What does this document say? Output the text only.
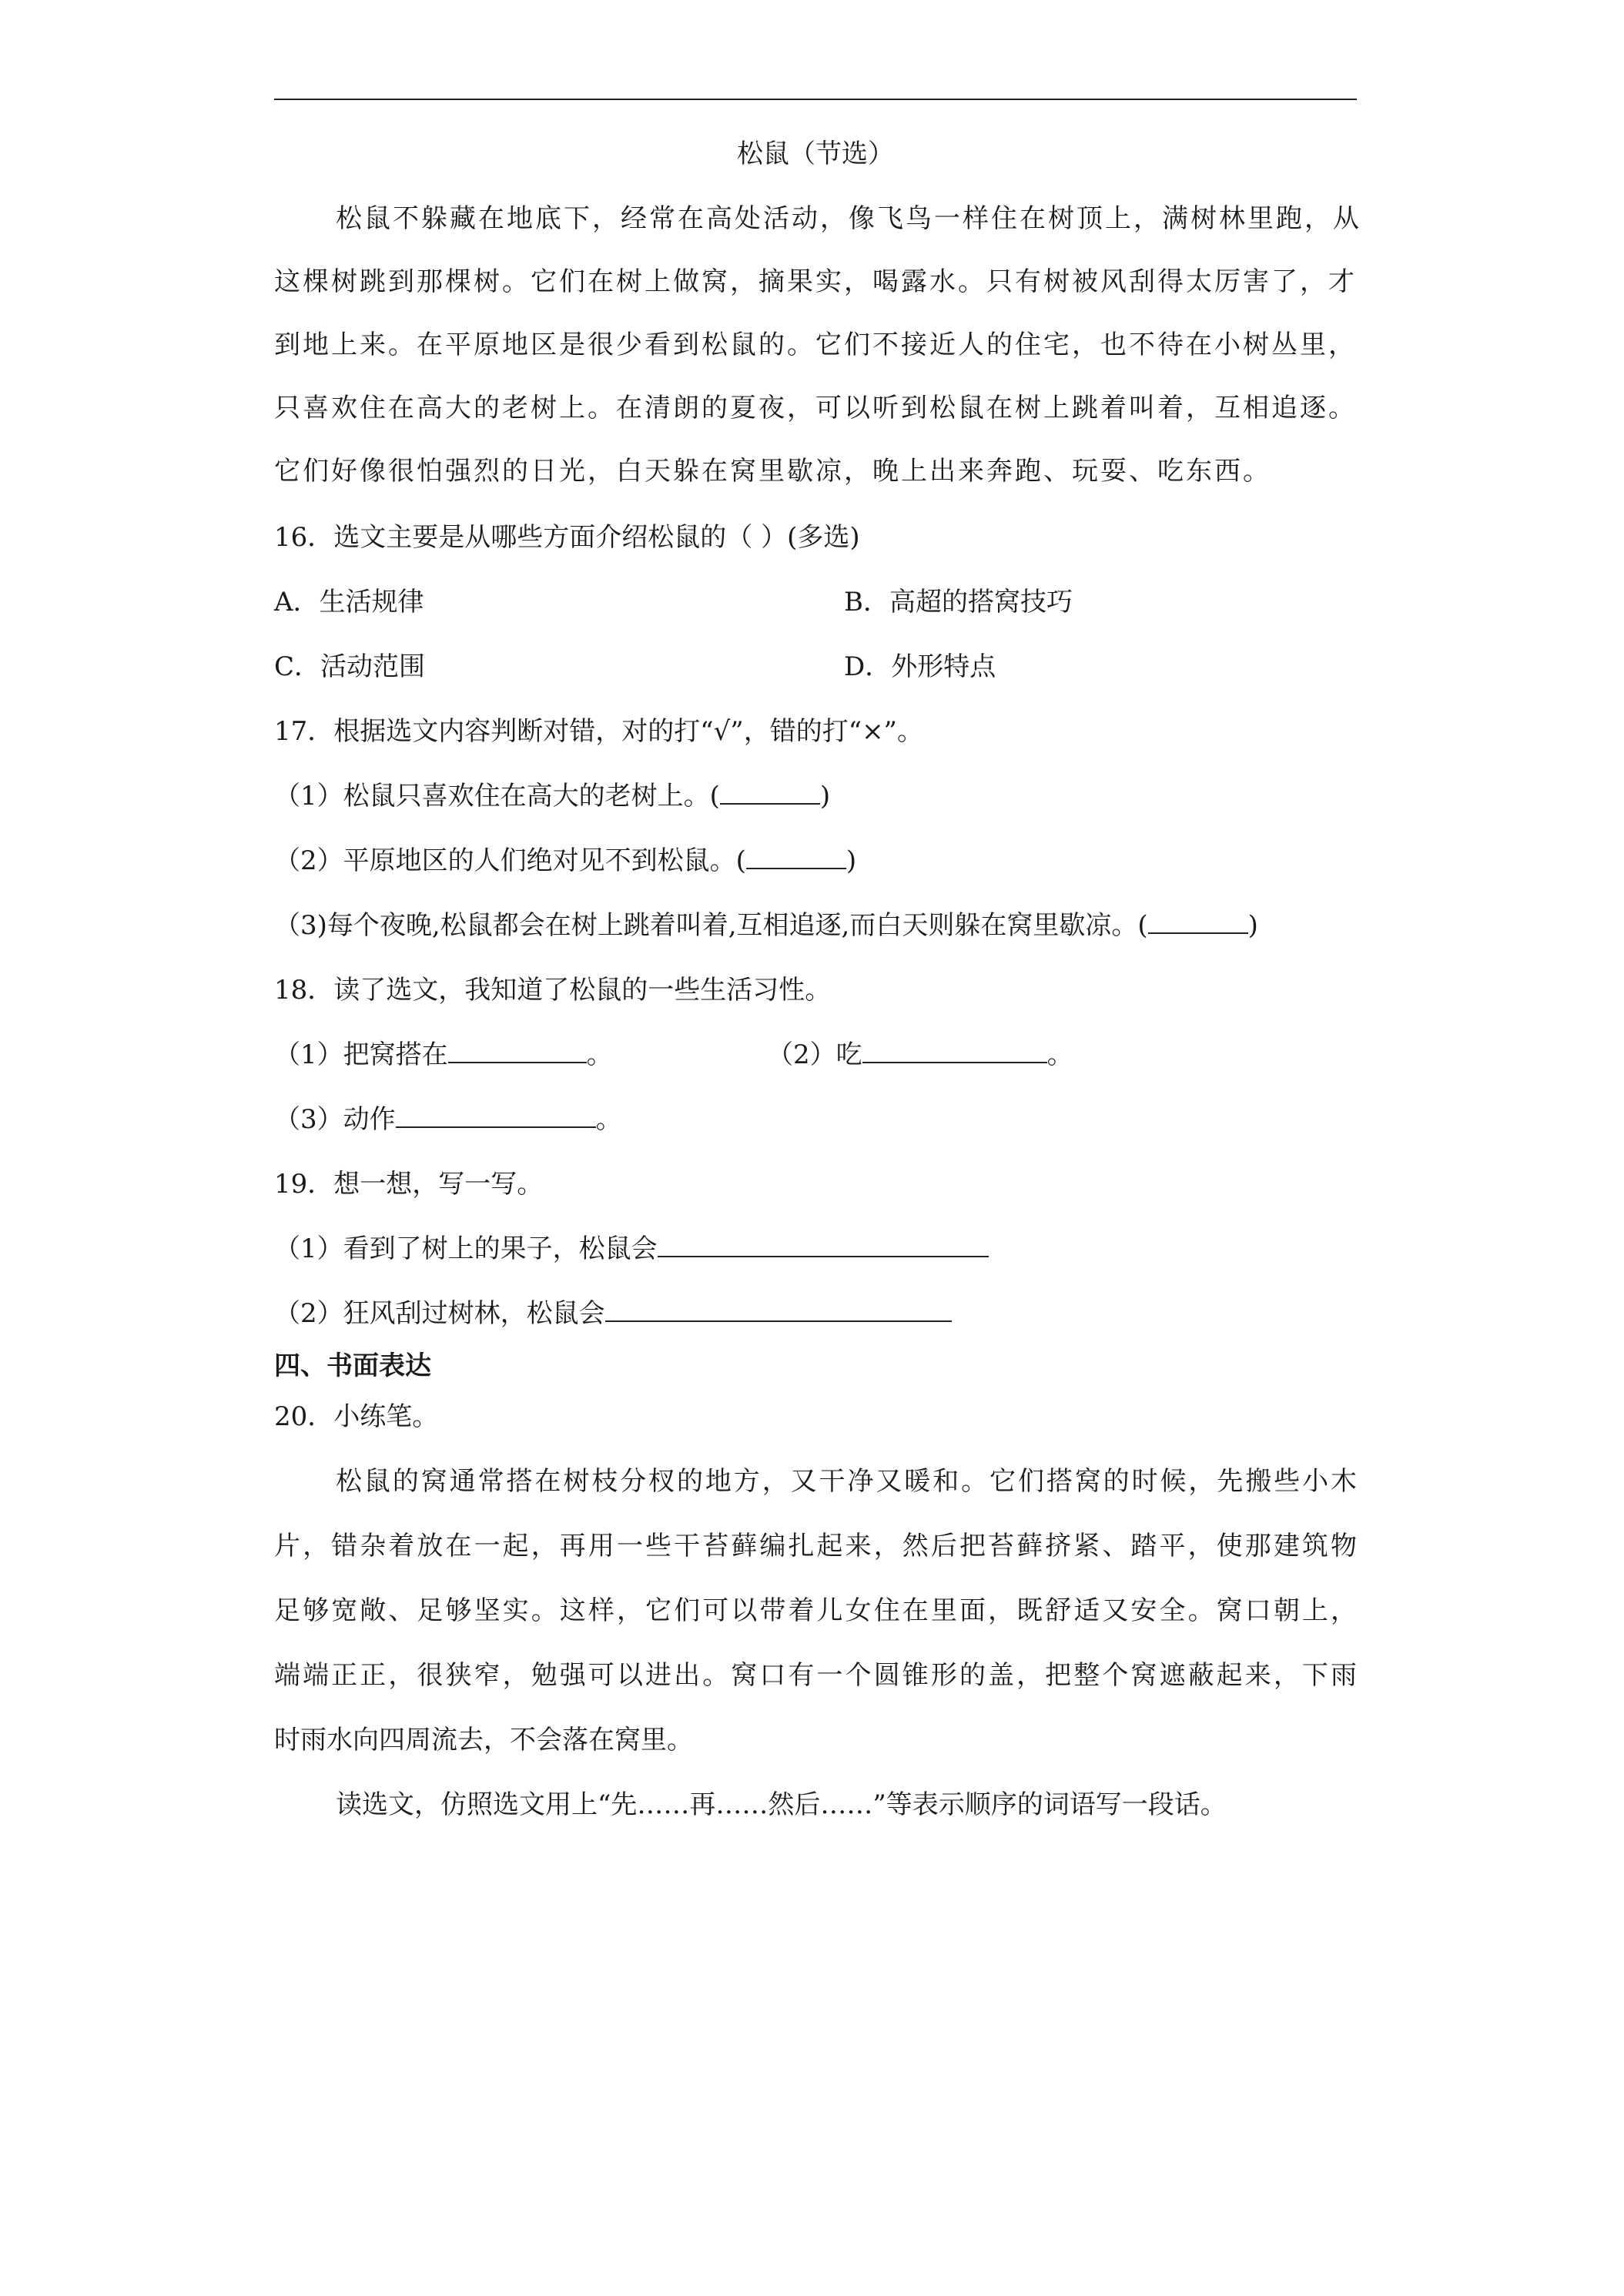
松鼠（节选）
松鼠不躲藏在地底下，经常在高处活动，像飞鸟一样住在树顶上，满树林里跑，从
这棵树跳到那棵树。它们在树上做窝，摘果实，喝露水。只有树被风刮得太厉害了，才
到地上来。在平原地区是很少看到松鼠的。它们不接近人的住宅，也不待在小树丛里，
只喜欢住在高大的老树上。在清朗的夏夜，可以听到松鼠在树上跳着叫着，互相追逐。
它们好像很怕强烈的日光，白天躲在窝里歇凉，晚上出来奔跑、玩耍、吃东西。
16．选文主要是从哪些方面介绍松鼠的（ ）(多选)
A．生活规律	B．高超的搭窝技巧
C．活动范围	D．外形特点
17．根据选文内容判断对错，对的打“√”，错的打“×”。
（1）松鼠只喜欢住在高大的老树上。(	)
（2）平原地区的人们绝对见不到松鼠。(	)
（3)每个夜晚,松鼠都会在树上跳着叫着,互相追逐,而白天则躲在窝里歇凉。(	)
18．读了选文，我知道了松鼠的一些生活习性。
（1）把窝搭在	。	（2）吃	。
（3）动作	。
19．想一想，写一写。
（1）看到了树上的果子，松鼠会
（2）狂风刮过树林，松鼠会
四、书面表达
20．小练笔。
松鼠的窝通常搭在树枝分杈的地方，又干净又暖和。它们搭窝的时候，先搬些小木
片，错杂着放在一起，再用一些干苔藓编扎起来，然后把苔藓挤紧、踏平，使那建筑物
足够宽敞、足够坚实。这样，它们可以带着儿女住在里面，既舒适又安全。窝口朝上，
端端正正，很狭窄，勉强可以进出。窝口有一个圆锥形的盖，把整个窝遮蔽起来，下雨
时雨水向四周流去，不会落在窝里。
读选文，仿照选文用上“先……再……然后……”等表示顺序的词语写一段话。
